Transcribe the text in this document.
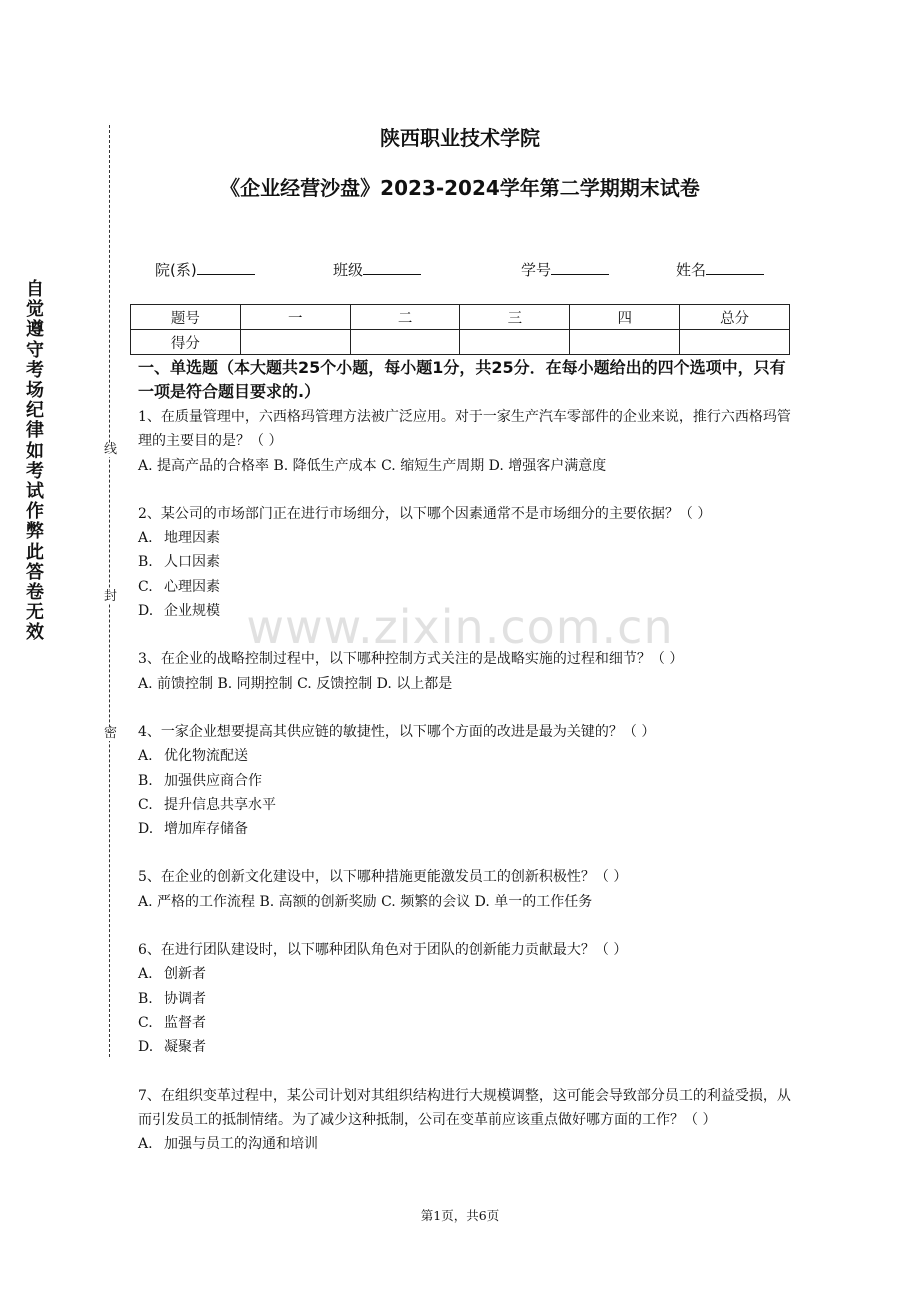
自觉遵守考场纪律如考试作弊此答卷无效
线
封
密
陕西职业技术学院
《企业经营沙盘》2023-2024学年第二学期期末试卷
院(系)	班级	学号	姓名
题号	一	二	三	四	总分
得分					
www.zixin.com.cn
一、单选题（本大题共25个小题，每小题1分，共25分．在每小题给出的四个选项中，只有一项是符合题目要求的.）

1、在质量管理中，六西格玛管理方法被广泛应用。对于一家生产汽车零部件的企业来说，推行六西格玛管理的主要目的是？（ ）

A. 提高产品的合格率 B. 降低生产成本 C. 缩短生产周期 D. 增强客户满意度

2、某公司的市场部门正在进行市场细分，以下哪个因素通常不是市场细分的主要依据？（ ）

A. 地理因素

B. 人口因素

C. 心理因素

D. 企业规模

3、在企业的战略控制过程中，以下哪种控制方式关注的是战略实施的过程和细节？（ ）

A. 前馈控制 B. 同期控制 C. 反馈控制 D. 以上都是

4、一家企业想要提高其供应链的敏捷性，以下哪个方面的改进是最为关键的？（ ）

A. 优化物流配送

B. 加强供应商合作

C. 提升信息共享水平

D. 增加库存储备

5、在企业的创新文化建设中，以下哪种措施更能激发员工的创新积极性？（ ）

A. 严格的工作流程 B. 高额的创新奖励 C. 频繁的会议 D. 单一的工作任务

6、在进行团队建设时，以下哪种团队角色对于团队的创新能力贡献最大？（ ）

A. 创新者

B. 协调者

C. 监督者

D. 凝聚者

7、在组织变革过程中，某公司计划对其组织结构进行大规模调整，这可能会导致部分员工的利益受损，从而引发员工的抵制情绪。为了减少这种抵制，公司在变革前应该重点做好哪方面的工作？（ ）

A. 加强与员工的沟通和培训

第1页，共6页
